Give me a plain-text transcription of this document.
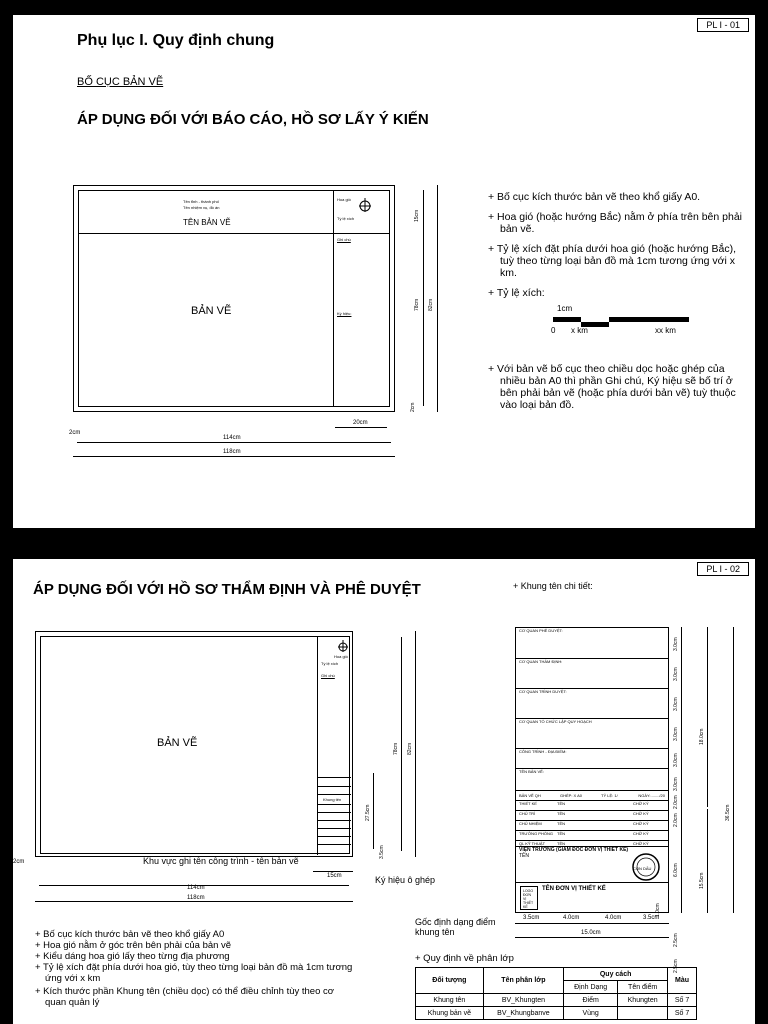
PL I - 01
Phụ lục I. Quy định chung
BỐ CỤC BẢN VẼ
ÁP DỤNG ĐỐI VỚI BÁO CÁO, HỒ SƠ LẤY Ý KIẾN
Tên tỉnh - thành phố
Tên nhiệm vụ, đồ án
TÊN BẢN VẼ
Hoa gió
Tỷ lệ xích
Ghi chú
Ký hiệu:
BẢN VẼ
15cm
78cm 82cm
2cm
2cm
20cm
114cm
118cm

+ Bố cục kích thước bản vẽ theo khổ giấy A0.

+ Hoa gió (hoặc hướng Bắc) nằm ở phía trên bên phải bản vẽ.

+ Tỷ lệ xích đặt phía dưới hoa gió (hoặc hướng Bắc), tuỳ theo từng loại bản đồ mà 1cm tương ứng với x km.

+ Tỷ lệ xích:

1cm
0 x km	xx km

+ Với bản vẽ bố cục theo chiều dọc hoặc ghép của nhiều bản A0 thì phần Ghi chú, Ký hiệu sẽ bố trí ở bên phải bản vẽ (hoặc phía dưới bản vẽ) tuỳ thuộc vào loại bản đồ.

PL I - 02
ÁP DỤNG ĐỐI VỚI HỒ SƠ THẨM ĐỊNH VÀ PHÊ DUYỆT	+ Khung tên chi tiết:
Hoa gió
Tỷ lệ xích
Ghi chú
BẢN VẼ
Khung tên
78cm 82cm
27.5cm
3.5cm
2cm	Khu vực ghi tên công trình - tên bản vẽ
15cm	Ký hiệu ô ghép
114cm
118cm
CƠ QUAN PHÊ DUYỆT:
CƠ QUAN THẨM ĐỊNH:
CƠ QUAN TRÌNH DUYỆT:
CƠ QUAN TỔ CHỨC LẬP QUY HOẠCH
CÔNG TRÌNH - ĐỊA ĐIỂM:
TÊN BẢN VẼ:
BẢN VẼ QH	GHÉP: X A0	TỶ LỆ: 1/	NGÀY:......../20
THIẾT KẾ	TÊN	CHỮ KÝ
CHỦ TRÌ	TÊN	CHỮ KÝ
CHỦ NHIỆM	TÊN	CHỮ KÝ
TRƯỞNG PHÒNG	TÊN	CHỮ KÝ
QL KỸ THUẬT	TÊN	CHỮ KÝ
VIỆN TRƯỞNG (GIÁM ĐỐC ĐƠN VỊ THIẾT KẾ)
TÊN
CON DẤU
LOGO ĐƠN VỊ THIẾT KẾ
TÊN ĐƠN VỊ THIẾT KẾ
3.0cm
3.0cm
3.0cm
3.0cm
3.0cm
3.0cm
2.0cm
2.0cm
6.0cm
1.0cm
2.5cm
2.5cm
18.0cm
15.5cm
36.5cm
3.5cm	4.0cm	4.0cm	3.5cm
15.0cm
Gốc định dạng điểm khung tên
+ Bố cục kích thước bản vẽ theo khổ giấy A0
+ Hoa gió nằm ở góc trên bên phải của bản vẽ
+ Kiểu dáng hoa gió lấy theo từng địa phương
+ Tỷ lệ xích đặt phía dưới hoa gió, tùy theo từng loại bản đồ mà 1cm tương ứng với x km
+ Kích thước phần Khung tên (chiều dọc) có thể điều chỉnh tùy theo cơ quan quản lý
+ Quy định về phân lớp
Đối tượng	Tên phân lớp	Quy cách		Màu
		Định Dạng	Tên điểm	
Khung tên	BV_Khungten	Điểm	Khungten	Số 7
Khung bản vẽ	BV_Khungbanve	Vùng		Số 7
